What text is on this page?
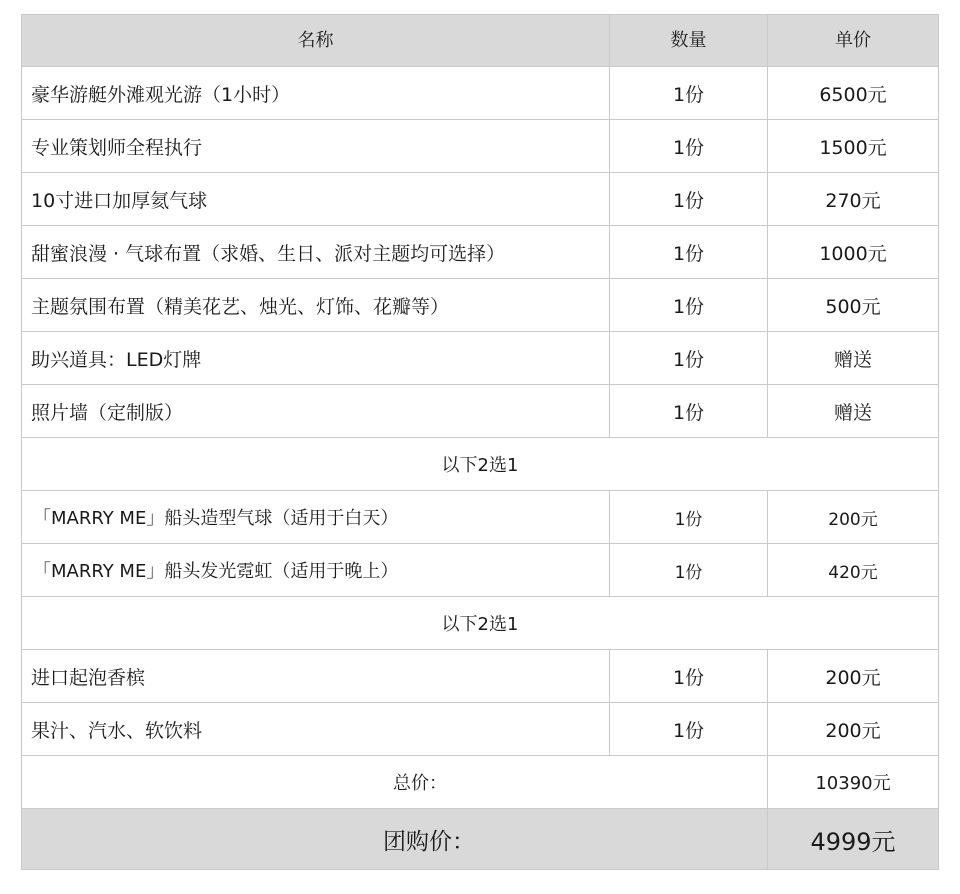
名称	数量	单价
豪华游艇外滩观光游（1小时）	1份	6500元
专业策划师全程执行	1份	1500元
10寸进口加厚氦气球	1份	270元
甜蜜浪漫 · 气球布置（求婚、生日、派对主题均可选择）	1份	1000元
主题氛围布置（精美花艺、烛光、灯饰、花瓣等）	1份	500元
助兴道具：LED灯牌	1份	赠送
照片墙（定制版）	1份	赠送
以下2选1		
「MARRY ME」船头造型气球（适用于白天）	1份	200元
「MARRY ME」船头发光霓虹（适用于晚上）	1份	420元
以下2选1		
进口起泡香槟	1份	200元
果汁、汽水、软饮料	1份	200元
总价：		10390元
团购价：		4999元
